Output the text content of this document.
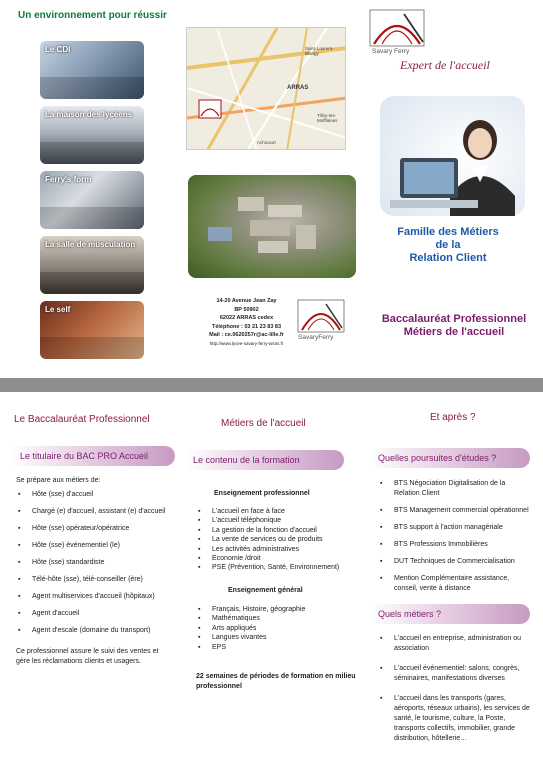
Un environnement pour réussir
Le CDI
La maison des lycéens
Ferry's form
La salle de musculation
Le self
ARRAS
Saint-Laurent-Blangy
Tilloy-les-Mofflaines
Achicourt
14-20 Avenue Jean Zay
BP 50902
62022 ARRAS cedex
Téléphone : 03 21 23 83 83
Mail : ce.0620257r@ac-lille.fr
http://www.lycee-savary-ferry-arras.fr
SavaryFerry
Savary Ferry
Expert de l'accueil
Famille des Métiers
de la
Relation Client
Baccalauréat Professionnel
Métiers de l'accueil
Le Baccalauréat Professionnel
Le titulaire du BAC PRO Accueil
Se prépare aux métiers de:
▪ Hôte (sse) d'accueil
▪ Chargé (e) d'accueil, assistant (e) d'accueil
▪ Hôte (sse) opérateur/opératrice
▪ Hôte (sse) événementiel (le)
▪ Hôte (sse) standardiste
▪ Télé-hôte (sse), télé-conseiller (ère)
▪ Agent multiservices d'accueil (hôpitaux)
▪ Agent d'accueil
▪ Agent d'escale (domaine du transport)
Ce professionnel assure le suivi des ventes et gère les réclamations clients et usagers.
Métiers de l'accueil
Le contenu de la formation
Enseignement professionnel
▪ L'accueil en face à face
▪ L'accueil téléphonique
▪ La gestion de la fonction d'accueil
▪ La vente de services ou de produits
▪ Les activités administratives
▪ Economie /droit
▪ PSE (Prévention, Santé, Environnement)
Enseignement général
▪ Français, Histoire, géographie
▪ Mathématiques
▪ Arts appliqués
▪ Langues vivantes
▪ EPS
22 semaines de périodes de formation en milieu professionnel
Et après ?
Quelles poursuites d'études ?
▪ BTS Négociation Digitalisation de la Relation Client
▪ BTS Management commercial opérationnel
▪ BTS support à l'action managériale
▪ BTS Professions Immobilières
▪ DUT Techniques de Commercialisation
▪ Mention Complémentaire assistance, conseil, vente à distance
Quels métiers ?
▪ L'accueil en entreprise, administration ou association
▪ L'accueil événementiel: salons, congrès, séminaires, manifestations diverses
▪ L'accueil dans les transports (gares, aéroports, réseaux urbains), les services de santé, le tourisme, culture, la Poste, transports collectifs, immobilier, grande distribution, hôtellerie…
